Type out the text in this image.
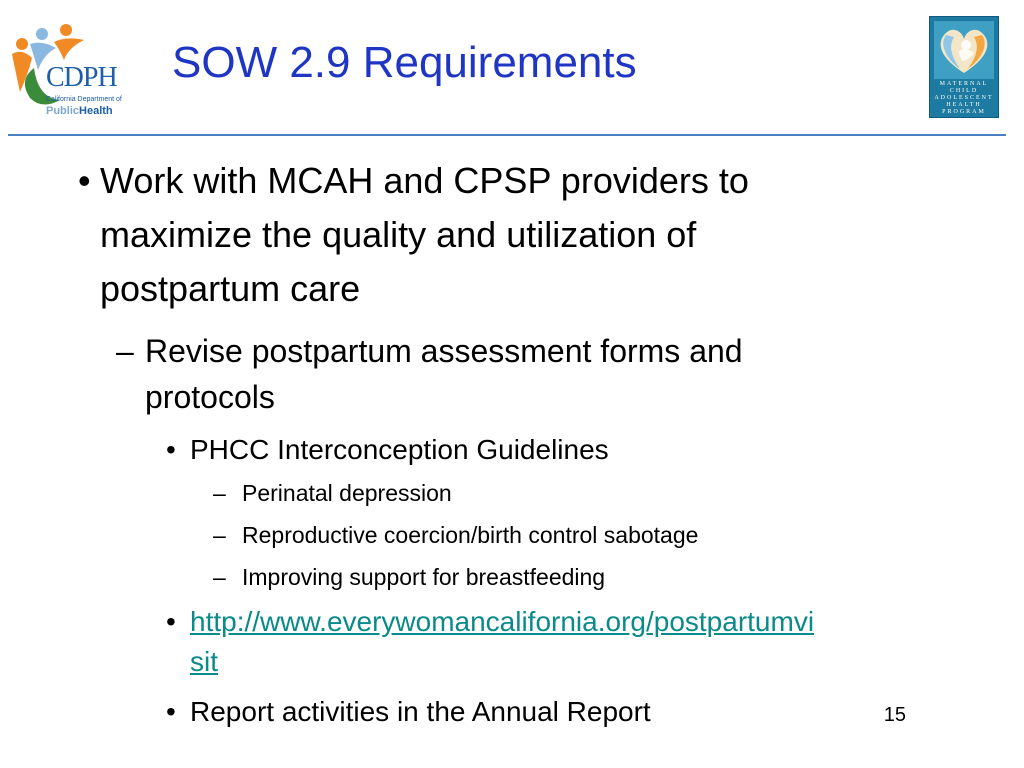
CDPH
California Department of
PublicHealth
SOW 2.9 Requirements	MATERNAL
CHILD
ADOLESCENT
HEALTH
PROGRAM
• Work with MCAH and CPSP providers to
maximize the quality and utilization of
postpartum care
– Revise postpartum assessment forms and
protocols
• PHCC Interconception Guidelines
– Perinatal depression
– Reproductive coercion/birth control sabotage
– Improving support for breastfeeding
• http://www.everywomancalifornia.org/postpartumvi
sit
• Report activities in the Annual Report	15
